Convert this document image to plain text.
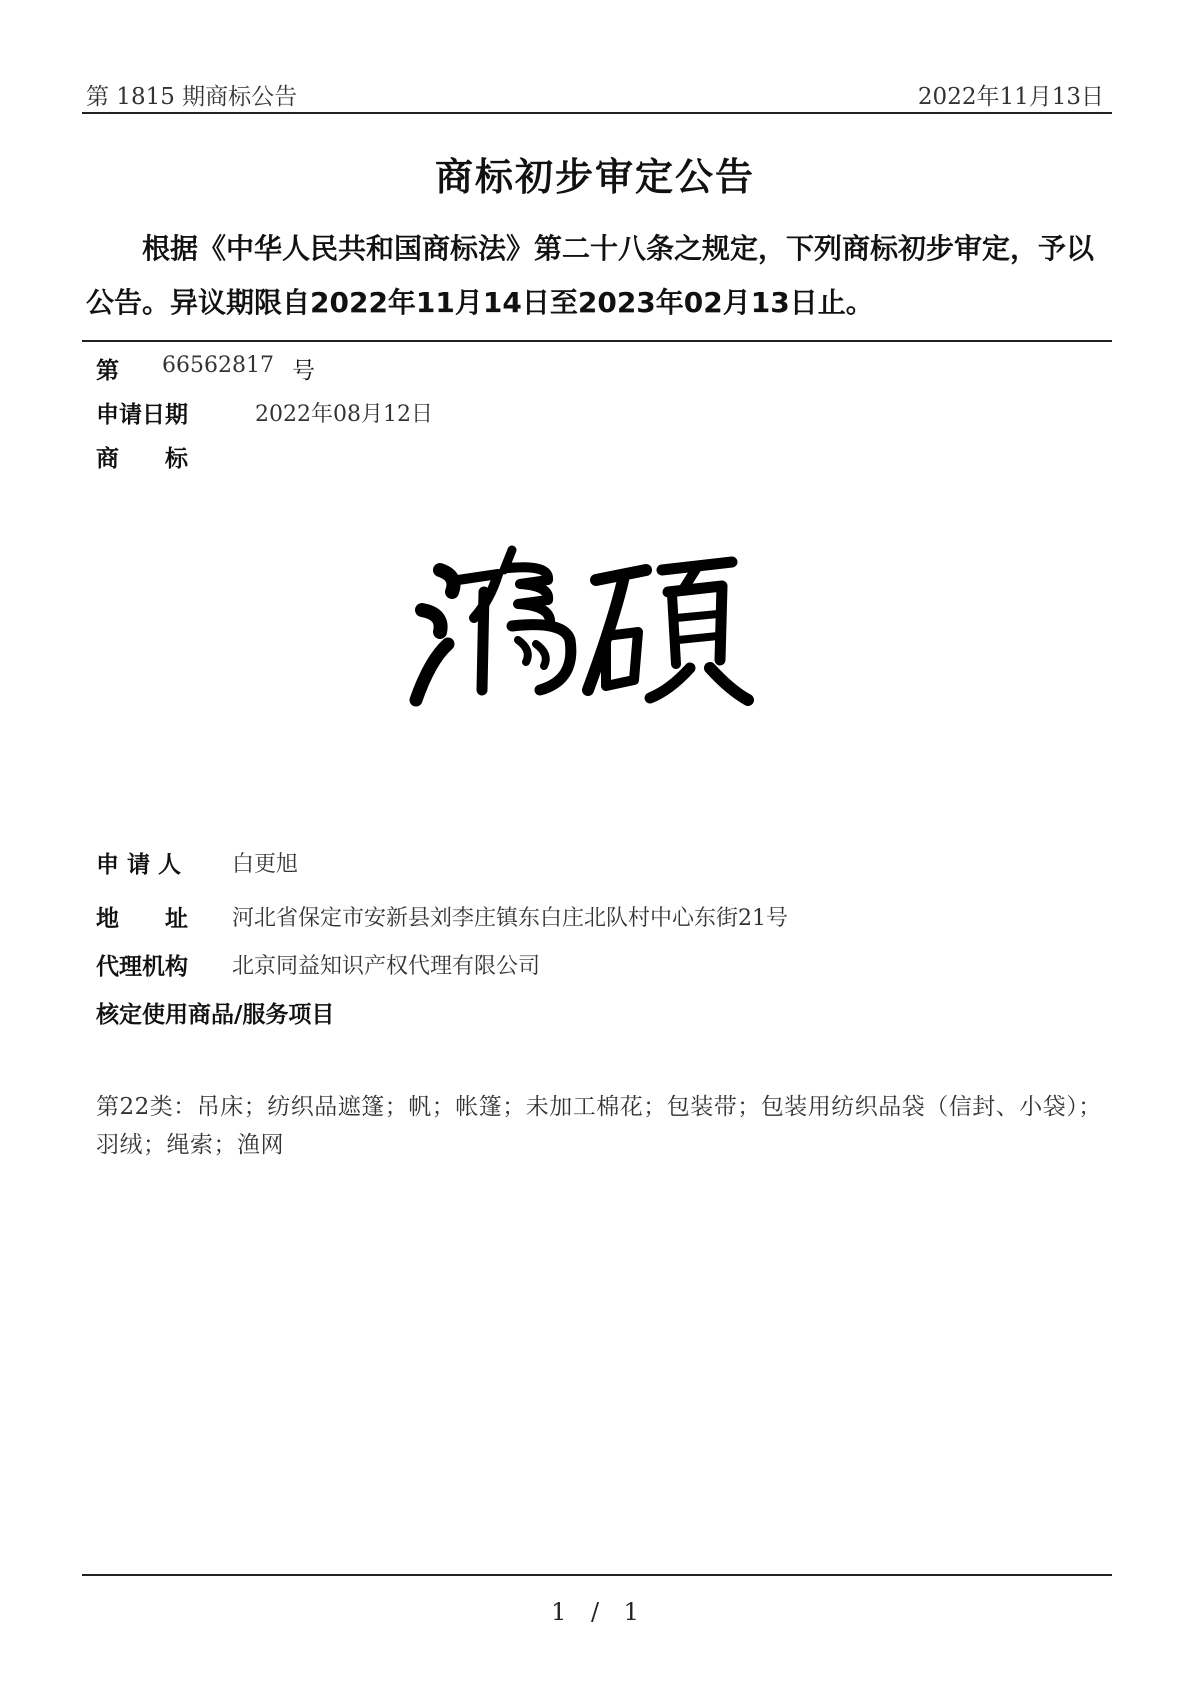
第 1815 期商标公告	2022年11月13日
商标初步审定公告
根据《中华人民共和国商标法》第二十八条之规定，下列商标初步审定，予以公告。异议期限自2022年11月14日至2023年02月13日止。
第 66562817 号
申请日期	2022年08月12日
商　　标
申 请 人 白更旭
地　　址 河北省保定市安新县刘李庄镇东白庄北队村中心东街21号
代理机构 北京同益知识产权代理有限公司
核定使用商品/服务项目
第22类：吊床；纺织品遮篷；帆；帐篷；未加工棉花；包装带；包装用纺织品袋（信封、小袋）；羽绒；绳索；渔网
1 / 1
